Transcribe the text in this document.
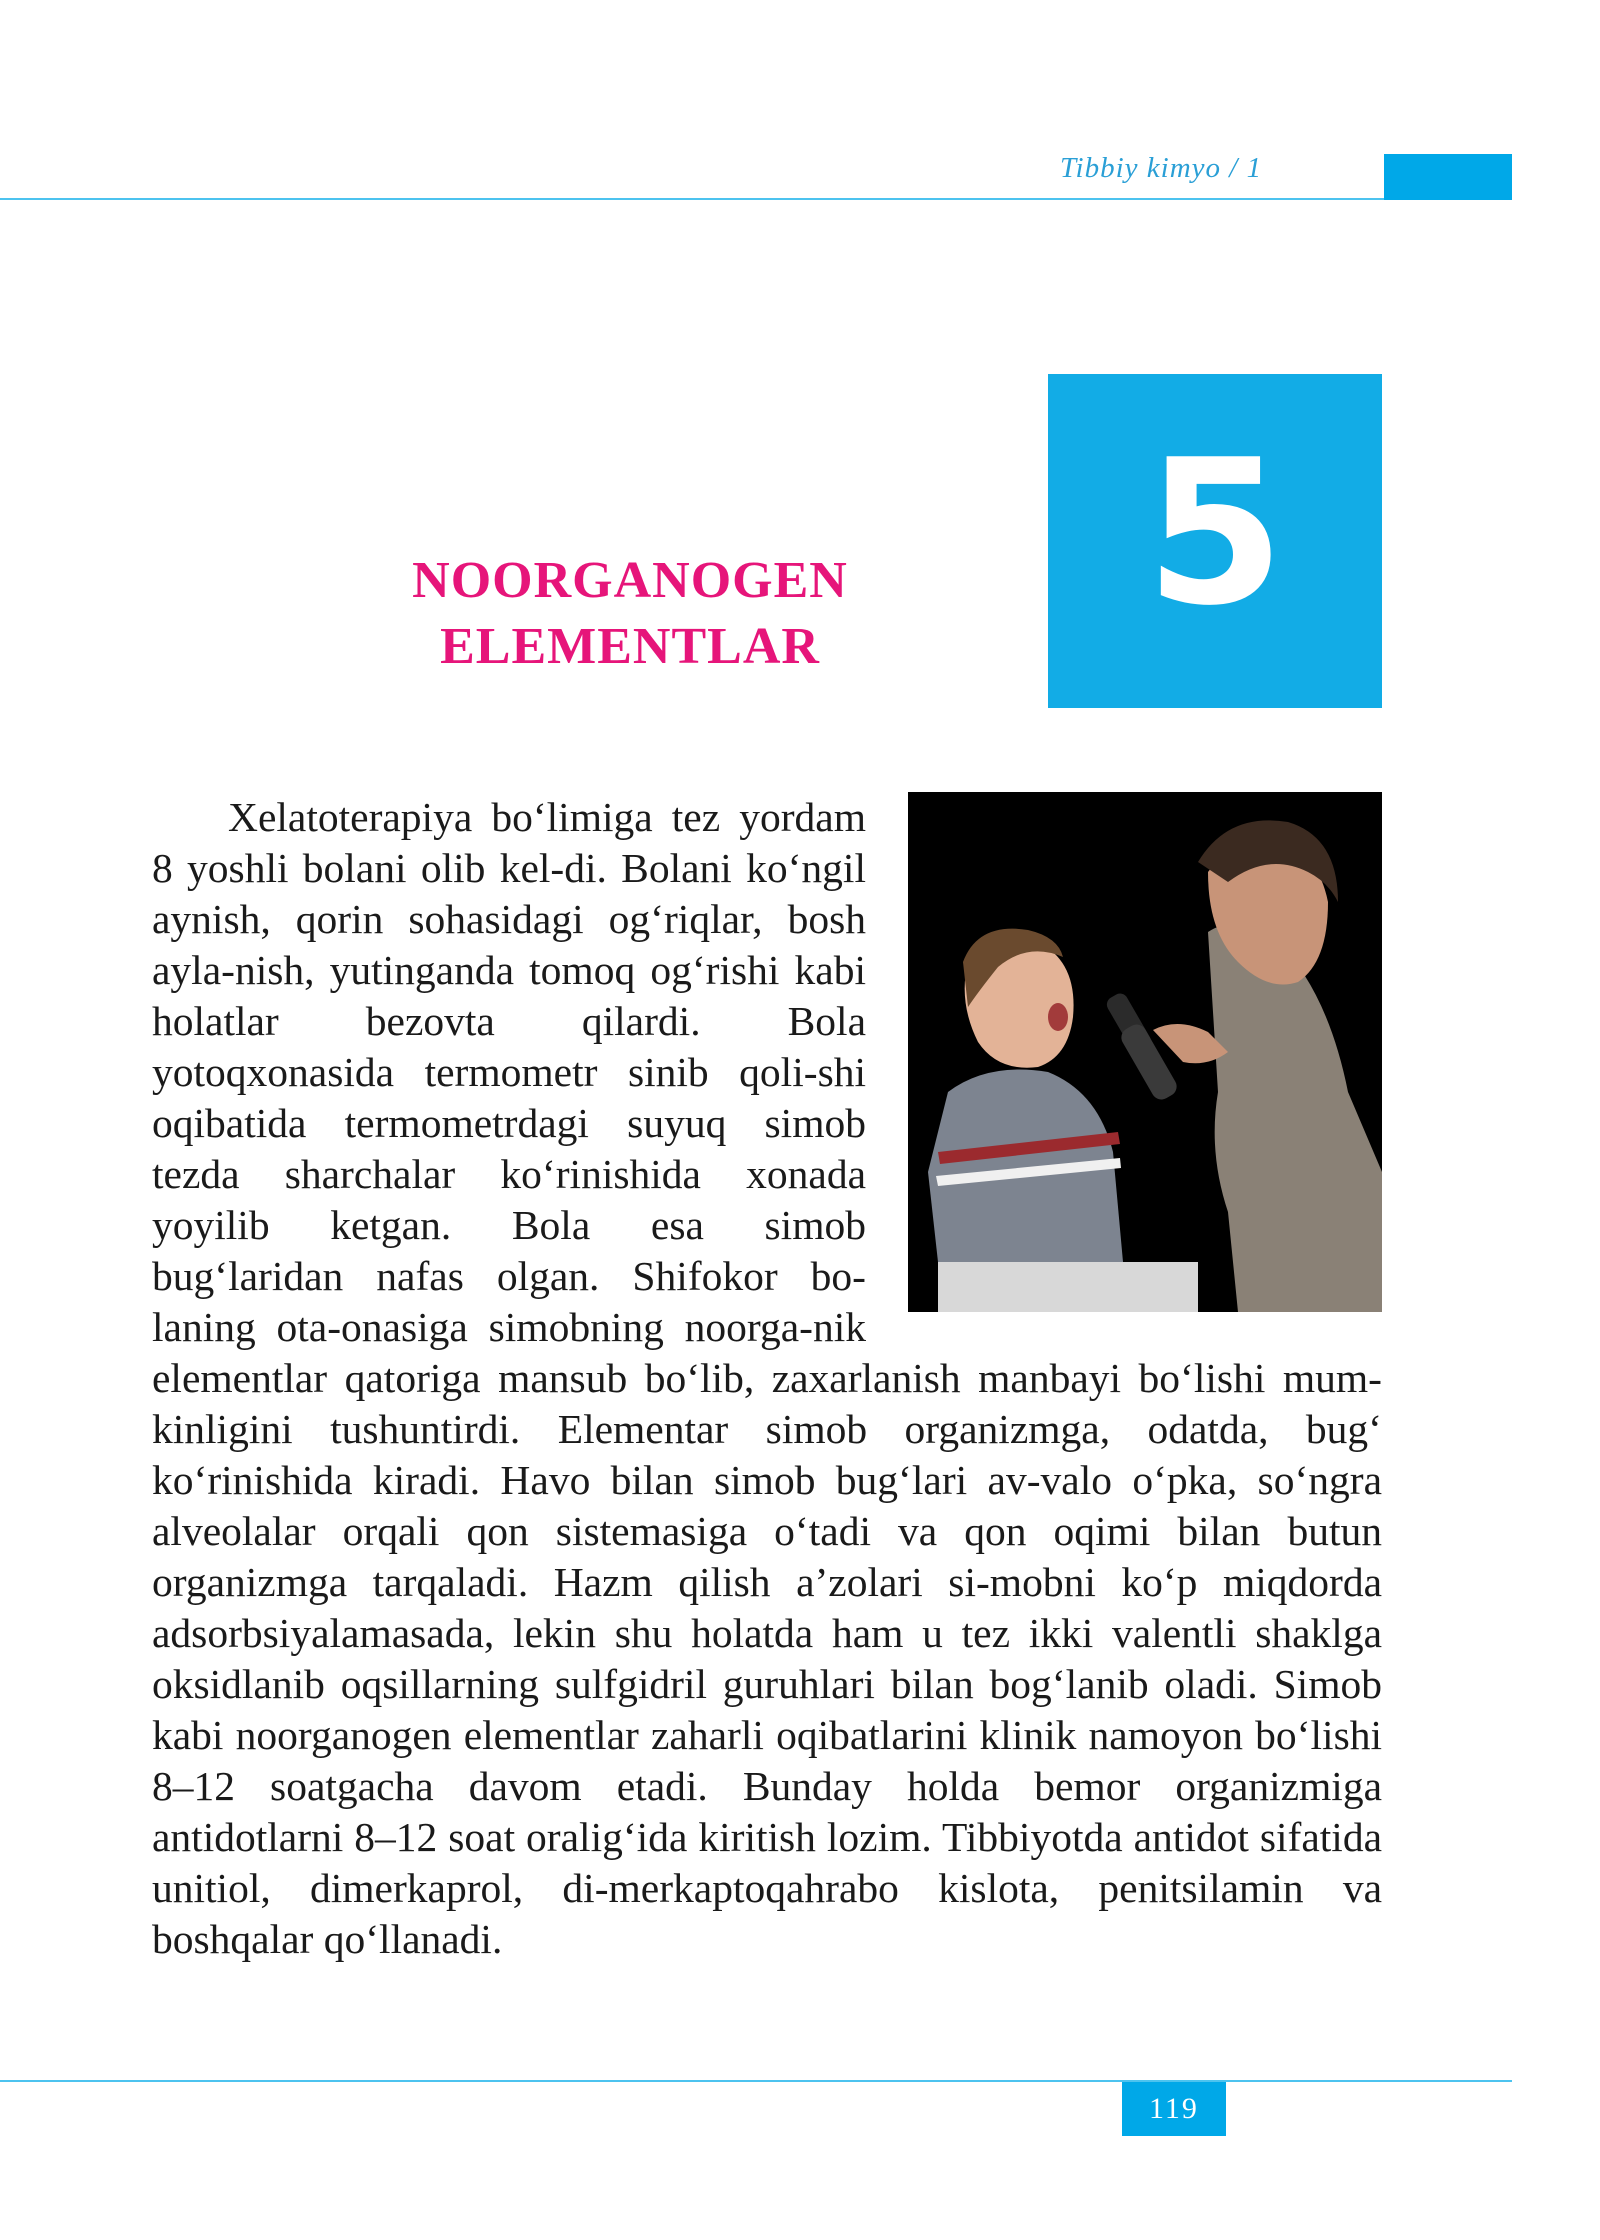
Tibbiy kimyo / 1
NOORGANOGEN
ELEMENTLAR	5

Xelatoterapiya bo‘limiga tez yordam 8 yoshli bolani olib kel-di. Bolani ko‘ngil aynish, qorin sohasidagi og‘riqlar, bosh ayla-nish, yutinganda tomoq og‘rishi kabi holatlar bezovta qilardi. Bola yotoqxonasida termometr sinib qoli-shi oqibatida termometrdagi suyuq simob tezda sharchalar ko‘rinishida xonada yoyilib ketgan. Bola esa simob bug‘laridan nafas olgan. Shifokor bo-laning ota-onasiga simobning noorga-nik elementlar qatoriga mansub bo‘lib, zaxarlanish manbayi bo‘lishi mum-kinligini tushuntirdi. Elementar simob organizmga, odatda, bug‘ ko‘rinishida kiradi. Havo bilan simob bug‘lari av-valo o‘pka, so‘ngra alveolalar orqali qon sistemasiga o‘tadi va qon oqimi bilan butun organizmga tarqaladi. Hazm qilish a’zolari si-mobni ko‘p miqdorda adsorbsiyalamasada, lekin shu holatda ham u tez ikki valentli shaklga oksidlanib oqsillarning sulfgidril guruhlari bilan bog‘lanib oladi. Simob kabi noorganogen elementlar zaharli oqibatlarini klinik namoyon bo‘lishi 8–12 soatgacha davom etadi. Bunday holda bemor organizmiga antidotlarni 8–12 soat oralig‘ida kiritish lozim. Tibbiyotda antidot sifatida unitiol, dimerkaprol, di-merkaptoqahrabo kislota, penitsilamin va boshqalar qo‘llanadi.

119
